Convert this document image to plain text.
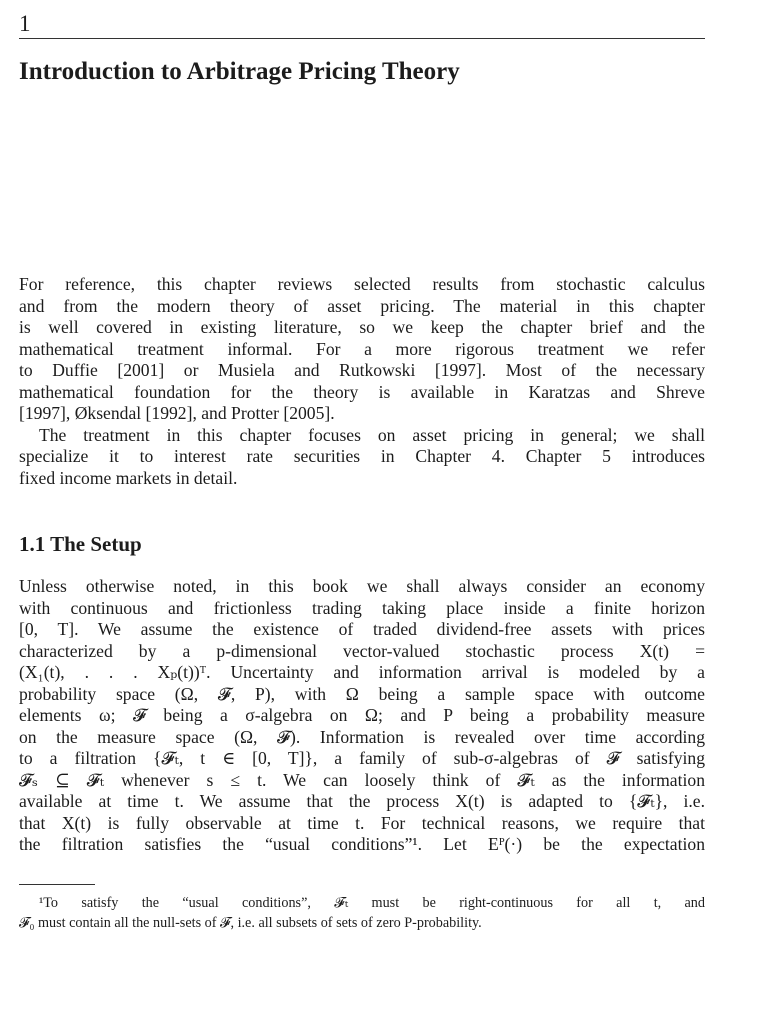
1
Introduction to Arbitrage Pricing Theory
For reference, this chapter reviews selected results from stochastic calculus
and from the modern theory of asset pricing. The material in this chapter
is well covered in existing literature, so we keep the chapter brief and the
mathematical treatment informal. For a more rigorous treatment we refer
to Duffie [2001] or Musiela and Rutkowski [1997]. Most of the necessary
mathematical foundation for the theory is available in Karatzas and Shreve
[1997], Øksendal [1992], and Protter [2005].
The treatment in this chapter focuses on asset pricing in general; we shall
specialize it to interest rate securities in Chapter 4. Chapter 5 introduces
fixed income markets in detail.
1.1 The Setup
Unless otherwise noted, in this book we shall always consider an economy
with continuous and frictionless trading taking place inside a finite horizon
[0, T]. We assume the existence of traded dividend-free assets with prices
characterized by a p-dimensional vector-valued stochastic process X(t) =
(X₁(t), . . . Xₚ(t))ᵀ. Uncertainty and information arrival is modeled by a
probability space (Ω, 𝓕, P), with Ω being a sample space with outcome
elements ω; 𝓕 being a σ-algebra on Ω; and P being a probability measure
on the measure space (Ω, 𝓕). Information is revealed over time according
to a filtration {𝓕ₜ, t ∈ [0, T]}, a family of sub-σ-algebras of 𝓕 satisfying
𝓕ₛ ⊆ 𝓕ₜ whenever s ≤ t. We can loosely think of 𝓕ₜ as the information
available at time t. We assume that the process X(t) is adapted to {𝓕ₜ}, i.e.
that X(t) is fully observable at time t. For technical reasons, we require that
the filtration satisfies the “usual conditions”¹. Let Eᴾ(·) be the expectation
¹To satisfy the “usual conditions”, 𝓕ₜ must be right-continuous for all t, and
𝓕₀ must contain all the null-sets of 𝓕, i.e. all subsets of sets of zero P-probability.
